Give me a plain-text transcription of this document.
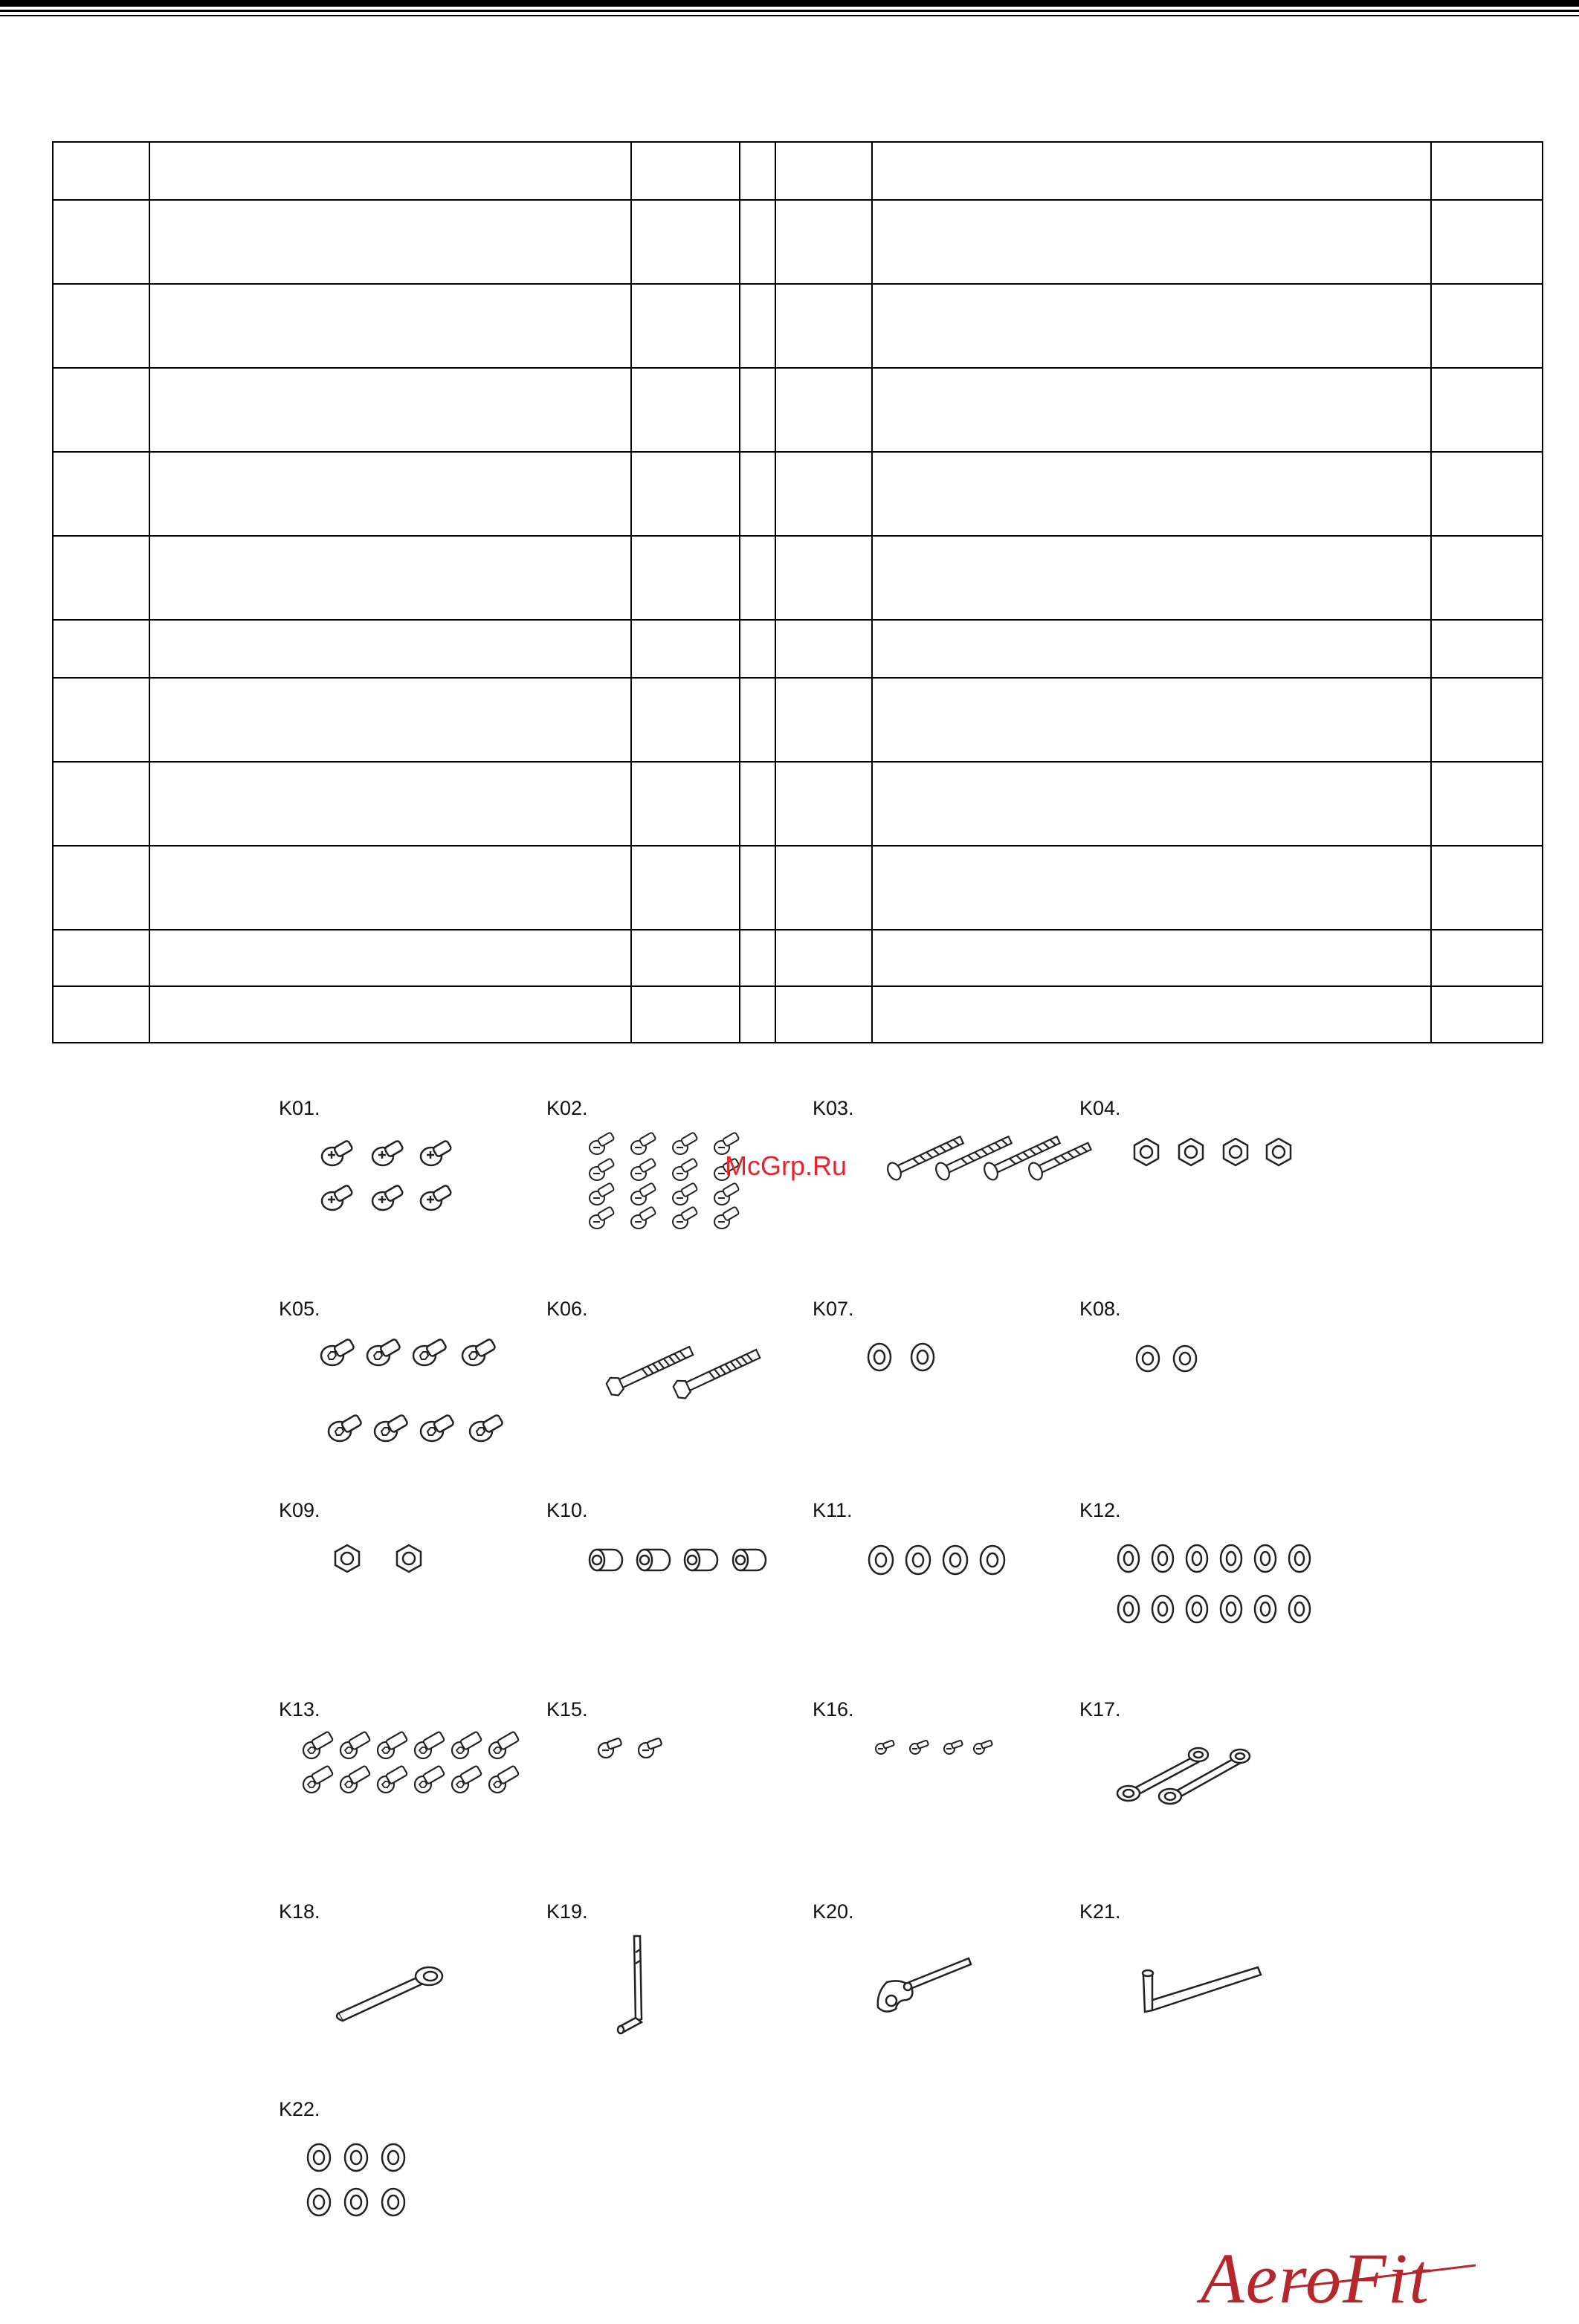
K01.	K02.	K03.	K04.
K05.	K06.	K07.	K08.
K09.	K10.	K11.	K12.
K13.	K15.	K16.	K17.
K18.	K19.	K20.	K21.
K22.
McGrp.Ru
AeroFit
